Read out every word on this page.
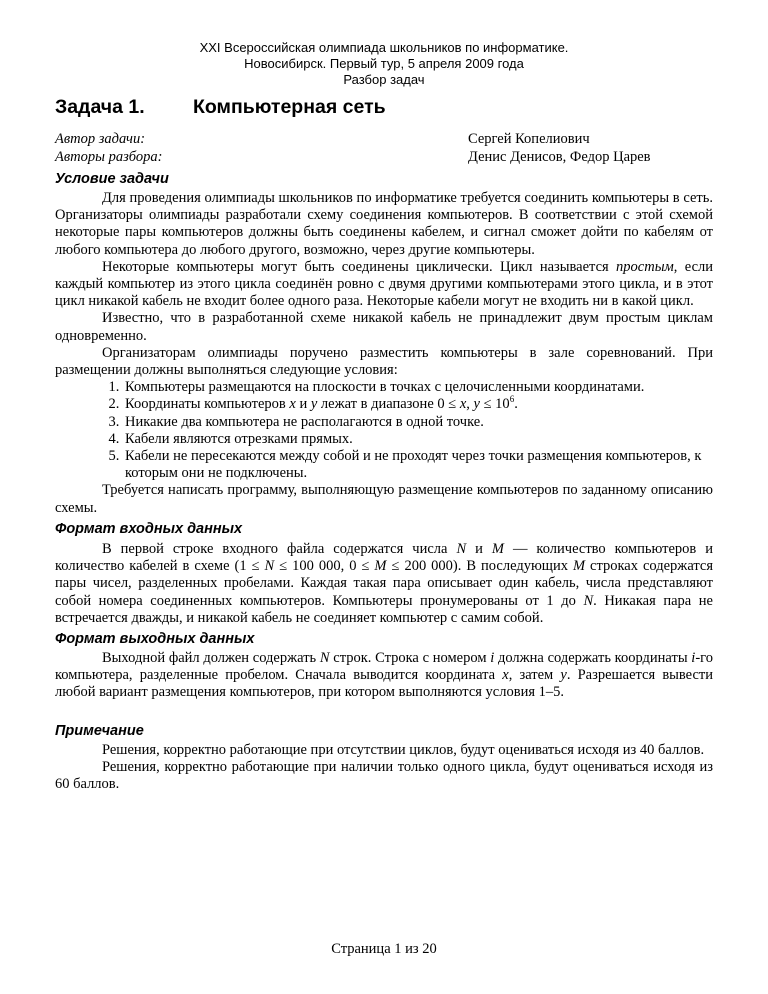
XXI Всероссийская олимпиада школьников по информатике.
Новосибирск. Первый тур, 5 апреля 2009 года
Разбор задач
Задача 1. Компьютерная сеть
Автор задачи:	Сергей Копелиович
Авторы разбора:	Денис Денисов, Федор Царев
Условие задачи

Для проведения олимпиады школьников по информатике требуется соединить компьютеры в сеть. Организаторы олимпиады разработали схему соединения компьютеров. В соответствии с этой схемой некоторые пары компьютеров должны быть соединены кабелем, и сигнал сможет дойти по кабелям от любого компьютера до любого другого, возможно, через другие компьютеры.

Некоторые компьютеры могут быть соединены циклически. Цикл называется простым, если каждый компьютер из этого цикла соединён ровно с двумя другими компьютерами этого цикла, и в этот цикл никакой кабель не входит более одного раза. Некоторые кабели могут не входить ни в какой цикл.

Известно, что в разработанной схеме никакой кабель не принадлежит двум простым циклам одновременно.

Организаторам олимпиады поручено разместить компьютеры в зале соревнований. При размещении должны выполняться следующие условия:

1. Компьютеры размещаются на плоскости в точках с целочисленными координатами.
2. Координаты компьютеров x и y лежат в диапазоне 0 ≤ x, $y \le 10^6$.
3. Никакие два компьютера не располагаются в одной точке.
4. Кабели являются отрезками прямых.
5. Кабели не пересекаются между собой и не проходят через точки размещения компьютеров, к которым они не подключены.

Требуется написать программу, выполняющую размещение компьютеров по заданному описанию схемы.

Формат входных данных

В первой строке входного файла содержатся числа N и M — количество компьютеров и количество кабелей в схеме (1 ≤ N ≤ 100 000, 0 ≤ M ≤ 200 000). В последующих M строках содержатся пары чисел, разделенных пробелами. Каждая такая пара описывает один кабель, числа представляют собой номера соединенных компьютеров. Компьютеры пронумерованы от 1 до N. Никакая пара не встречается дважды, и никакой кабель не соединяет компьютер с самим собой.

Формат выходных данных

Выходной файл должен содержать N строк. Строка с номером i должна содержать координаты i-го компьютера, разделенные пробелом. Сначала выводится координата x, затем y. Разрешается вывести любой вариант размещения компьютеров, при котором выполняются условия 1–5.

Примечание

Решения, корректно работающие при отсутствии циклов, будут оцениваться исходя из 40 баллов.

Решения, корректно работающие при наличии только одного цикла, будут оцениваться исходя из 60 баллов.

Страница 1 из 20
